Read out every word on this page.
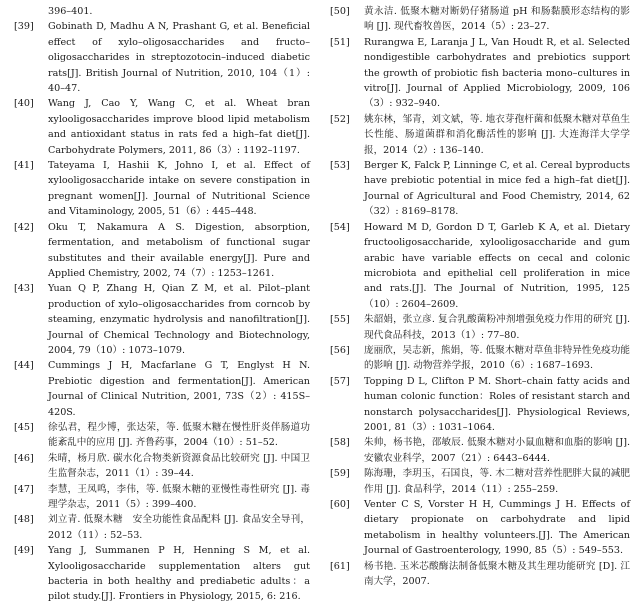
396–401.
[39]	Gobinath D, Madhu A N, Prashant G, et al. Beneficial effect of xylo–oligosaccharides and fructo–oligosaccharides in streptozotocin–induced diabetic rats[J]. British Journal of Nutrition, 2010, 104（1）: 40–47.
[40]	Wang J, Cao Y, Wang C, et al. Wheat bran xylooligosaccharides improve blood lipid metabolism and antioxidant status in rats fed a high–fat diet[J]. Carbohydrate Polymers, 2011, 86（3）: 1192–1197.
[41]	Tateyama I, Hashii K, Johno I, et al. Effect of xylooligosaccharide intake on severe constipation in pregnant women[J]. Journal of Nutritional Science and Vitaminology, 2005, 51（6）: 445–448.
[42]	Oku T, Nakamura A S. Digestion, absorption, fermentation, and metabolism of functional sugar substitutes and their available energy[J]. Pure and Applied Chemistry, 2002, 74（7）: 1253–1261.
[43]	Yuan Q P, Zhang H, Qian Z M, et al. Pilot–plant production of xylo–oligosaccharides from corncob by steaming, enzymatic hydrolysis and nanofiltration[J]. Journal of Chemical Technology and Biotechnology, 2004, 79（10）: 1073–1079.
[44]	Cummings J H, Macfarlane G T, Englyst H N. Prebiotic digestion and fermentation[J]. American Journal of Clinical Nutrition, 2001, 73S（2）: 415S–420S.
[45]	徐弘君，程少博，张达荣，等. 低聚木糖在慢性肝炎伴肠道功能紊乱中的应用 [J]. 齐鲁药事，2004（10）: 51–52.
[46]	朱晴，杨月欣. 碳水化合物类新资源食品比较研究 [J]. 中国卫生监督杂志，2011（1）: 39–44.
[47]	李慧，王凤鸣，李伟，等. 低聚木糖的亚慢性毒性研究 [J]. 毒理学杂志，2011（5）: 399–400.
[48]	刘立青. 低聚木糖　安全功能性食品配料 [J]. 食品安全导刊，2012（11）: 52–53.
[49]	Yang J, Summanen P H, Henning S M, et al. Xylooligosaccharide supplementation alters gut bacteria in both healthy and prediabetic adults：a pilot study.[J]. Frontiers in Physiology, 2015, 6: 216.
[50]	黄永洁. 低聚木糖对断奶仔猪肠道 pH 和肠黏膜形态结构的影响 [J]. 现代畜牧兽医，2014（5）: 23–27.
[51]	Rurangwa E, Laranja J L, Van Houdt R, et al. Selected nondigestible carbohydrates and prebiotics support the growth of probiotic fish bacteria mono–cultures in vitro[J]. Journal of Applied Microbiology, 2009, 106（3）: 932–940.
[52]	姚东林，邹青，刘文斌，等. 地衣芽孢杆菌和低聚木糖对草鱼生长性能、肠道菌群和消化酶活性的影响 [J]. 大连海洋大学学报，2014（2）: 136–140.
[53]	Berger K, Falck P, Linninge C, et al. Cereal byproducts have prebiotic potential in mice fed a high–fat diet[J]. Journal of Agricultural and Food Chemistry, 2014, 62（32）: 8169–8178.
[54]	Howard M D, Gordon D T, Garleb K A, et al. Dietary fructooligosaccharide, xylooligosaccharide and gum arabic have variable effects on cecal and colonic microbiota and epithelial cell proliferation in mice and rats.[J]. The Journal of Nutrition, 1995, 125（10）: 2604–2609.
[55]	朱韶娟，张立彦. 复合乳酸菌粉冲剂增强免疫力作用的研究 [J]. 现代食品科技，2013（1）: 77–80.
[56]	庞丽欣，吴志新，熊娟，等. 低聚木糖对草鱼非特异性免疫功能的影响 [J]. 动物营养学报，2010（6）: 1687–1693.
[57]	Topping D L, Clifton P M. Short–chain fatty acids and human colonic function：Roles of resistant starch and nonstarch polysaccharides[J]. Physiological Reviews, 2001, 81（3）: 1031–1064.
[58]	朱帅，杨书艳，邵敏辰. 低聚木糖对小鼠血糖和血脂的影响 [J]. 安徽农业科学，2007（21）: 6443–6444.
[59]	陈海珊，李玥玉，石国良，等. 木二糖对营养性肥胖大鼠的减肥作用 [J]. 食品科学，2014（11）: 255–259.
[60]	Venter C S, Vorster H H, Cummings J H. Effects of dietary propionate on carbohydrate and lipid metabolism in healthy volunteers.[J]. The American Journal of Gastroenterology, 1990, 85（5）: 549–553.
[61]	杨书艳. 玉米芯酸酶法制备低聚木糖及其生理功能研究 [D]. 江南大学，2007.
